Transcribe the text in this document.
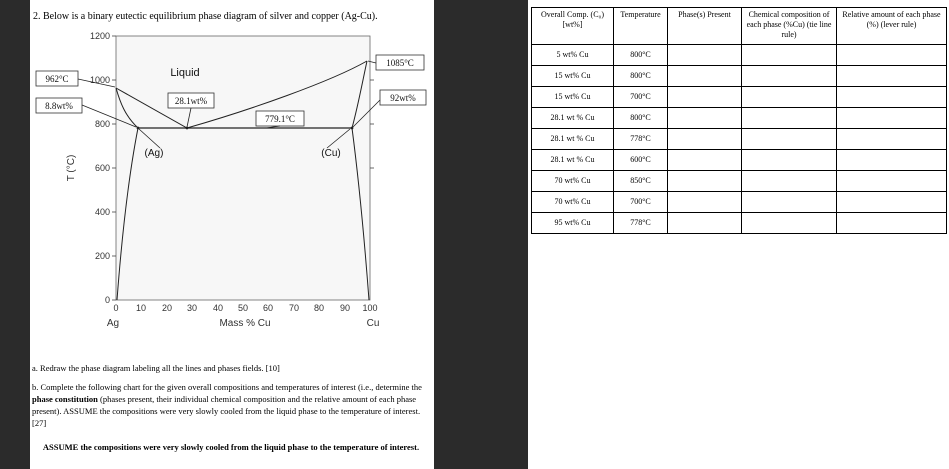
2. Below is a binary eutectic equilibrium phase diagram of silver and copper (Ag-Cu).
1200
1000
800
600
400
200
0
T (°C)
0 10 20 30 40 50 60 70 80 90 100
Ag	Cu
Mass % Cu
Liquid
(Ag)	(Cu)
962°C
8.8wt%	28.1wt%
779.1°C
1085°C
92wt%
a. Redraw the phase diagram labeling all the lines and phases fields. [10]
b. Complete the following chart for the given overall compositions and temperatures of interest (i.e., determine the phase constitution (phases present, their individual chemical composition and the relative amount of each phase present). ASSUME the compositions were very slowly cooled from the liquid phase to the temperature of interest. [27]
ASSUME the compositions were very slowly cooled from the liquid phase to the temperature of interest.
Overall Comp. (C₀) [wt%]	Temperature	Phase(s) Present	Chemical composition of each phase (%Cu) (tie line rule)	Relative amount of each phase (%) (lever rule)
5 wt% Cu	800°C			
15 wt% Cu	800°C			
15 wt% Cu	700°C			
28.1 wt % Cu	800°C			
28.1 wt % Cu	778°C			
28.1 wt % Cu	600°C			
70 wt% Cu	850°C			
70 wt% Cu	700°C			
95 wt% Cu	778°C			
